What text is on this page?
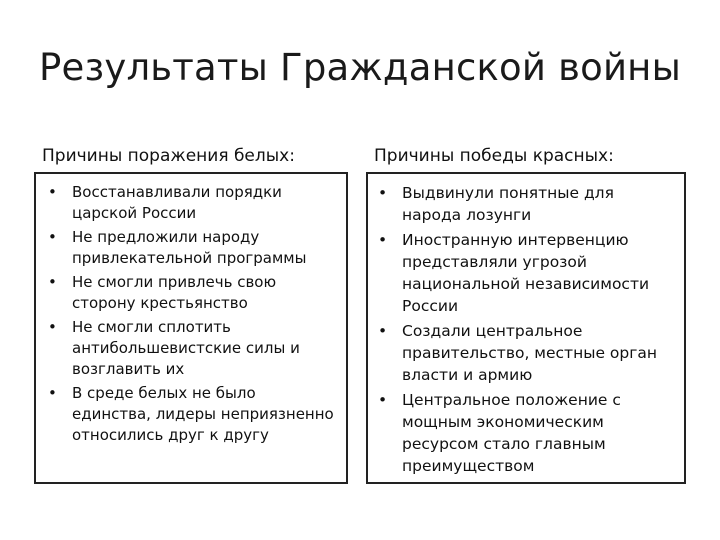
Результаты Гражданской войны
Причины поражения белых:	Причины победы красных:
• Восстанавливали порядки царской России
• Не предложили народу привлекательной программы
• Не смогли привлечь свою сторону крестьянство
• Не смогли сплотить антибольшевистские силы и возглавить их
• В среде белых не было единства, лидеры неприязненно относились друг к другу
• Выдвинули понятные для народа лозунги
• Иностранную интервенцию представляли угрозой национальной независимости России
• Создали центральное правительство, местные орган власти и армию
• Центральное положение с мощным экономическим ресурсом стало главным преимуществом
